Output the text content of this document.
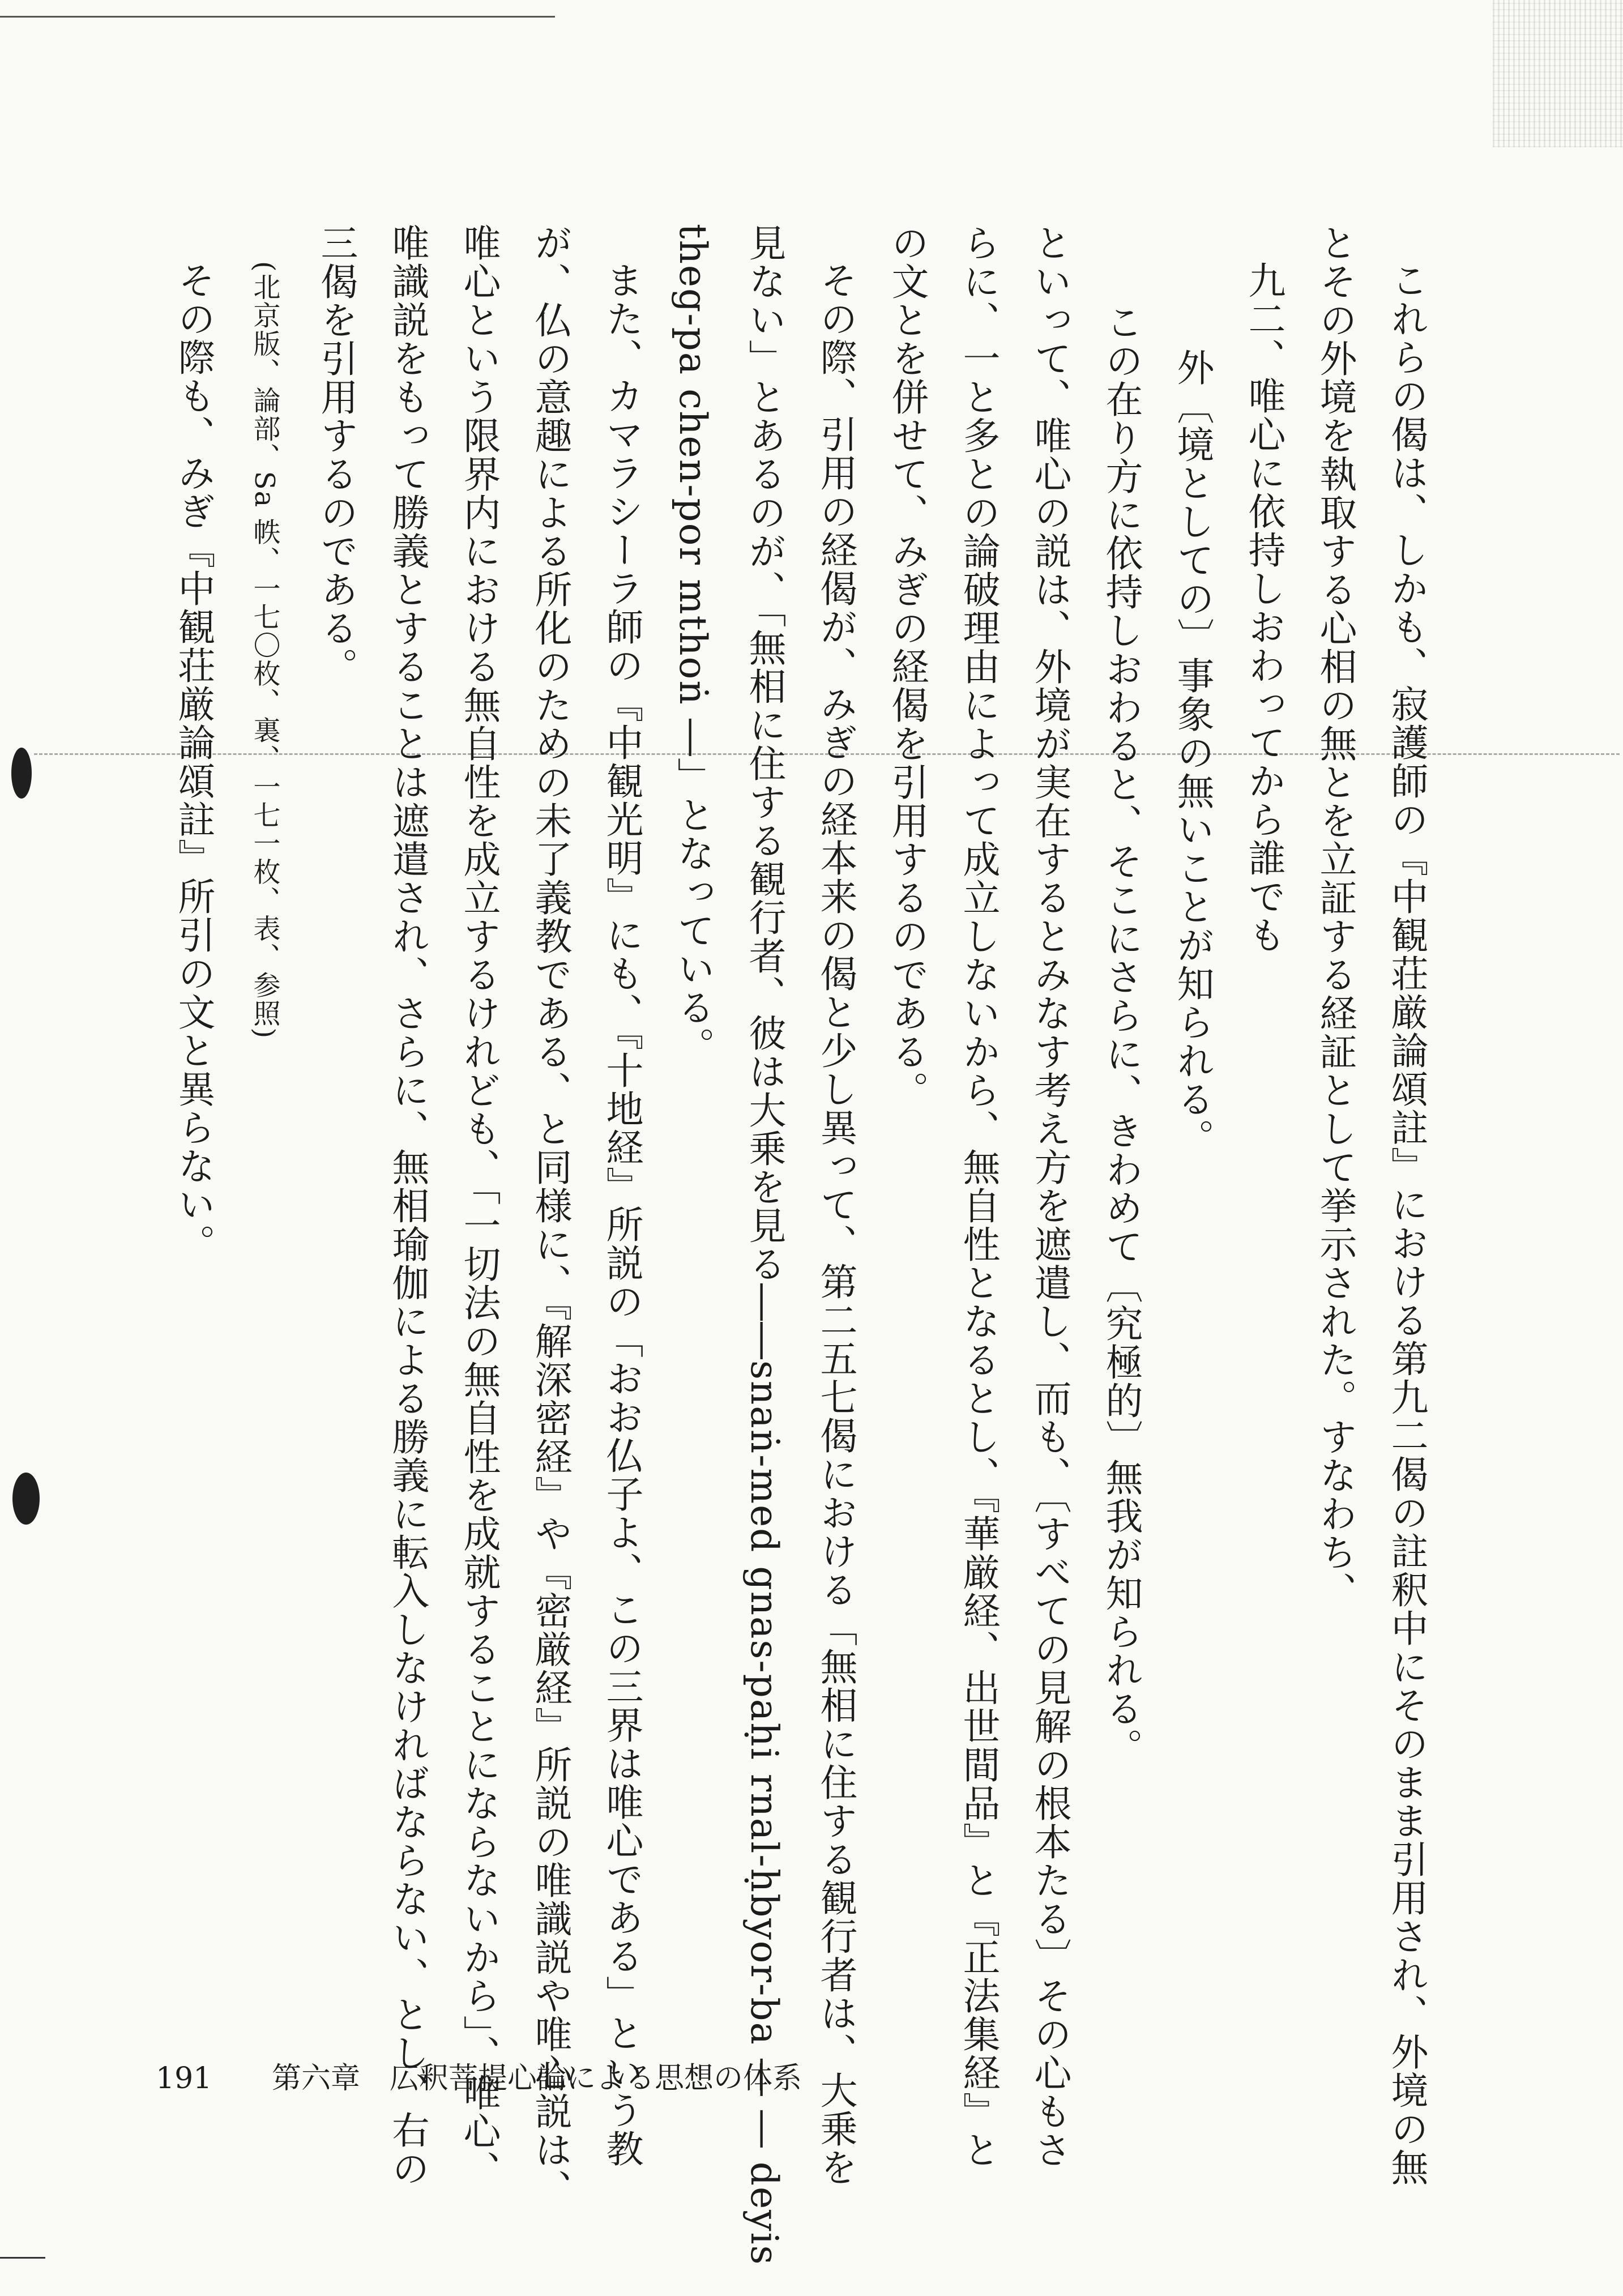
これらの偈は、しかも、寂護師の『中観荘厳論頌註』における第九二偈の註釈中にそのまま引用され、外境の無

とその外境を執取する心相の無とを立証する経証として挙示された。すなわち、

九二、唯心に依持しおわってから誰でも

外〔境としての〕事象の無いことが知られる。

この在り方に依持しおわると、そこにさらに、きわめて〔究極的〕無我が知られる。

といって、唯心の説は、外境が実在するとみなす考え方を遮遣し、而も、〔すべての見解の根本たる〕その心もさ

らに、一と多との論破理由によって成立しないから、無自性となるとし、『華厳経、出世間品』と『正法集経』と

の文とを併せて、みぎの経偈を引用するのである。

その際、引用の経偈が、みぎの経本来の偈と少し異って、第二五七偈における「無相に住する観行者は、大乗を

見ない」とあるのが、「無相に住する観行者、彼は大乗を見る――snaṅ-med gnas-paḥi rnal-ḥbyor-ba ― ― deyis

theg-pa chen-por mthoṅ ―」となっている。

また、カマラシーラ師の『中観光明』にも、『十地経』所説の「おお仏子よ、この三界は唯心である」という教

が、仏の意趣による所化のための未了義教である、と同様に、『解深密経』や『密厳経』所説の唯識説や唯心説は、

唯心という限界内における無自性を成立するけれども、「一切法の無自性を成就することにならないから」、唯心、

唯識説をもって勝義とすることは遮遣され、さらに、無相瑜伽による勝義に転入しなければならない、とし、右の

三偈を引用するのである。

(北京版、論部、Sa 帙、一七〇枚、裏、一七一枚、表、参照)

その際も、みぎ『中観荘厳論頌註』所引の文と異らない。

191 第六章　広釈菩提心論による思想の体系
